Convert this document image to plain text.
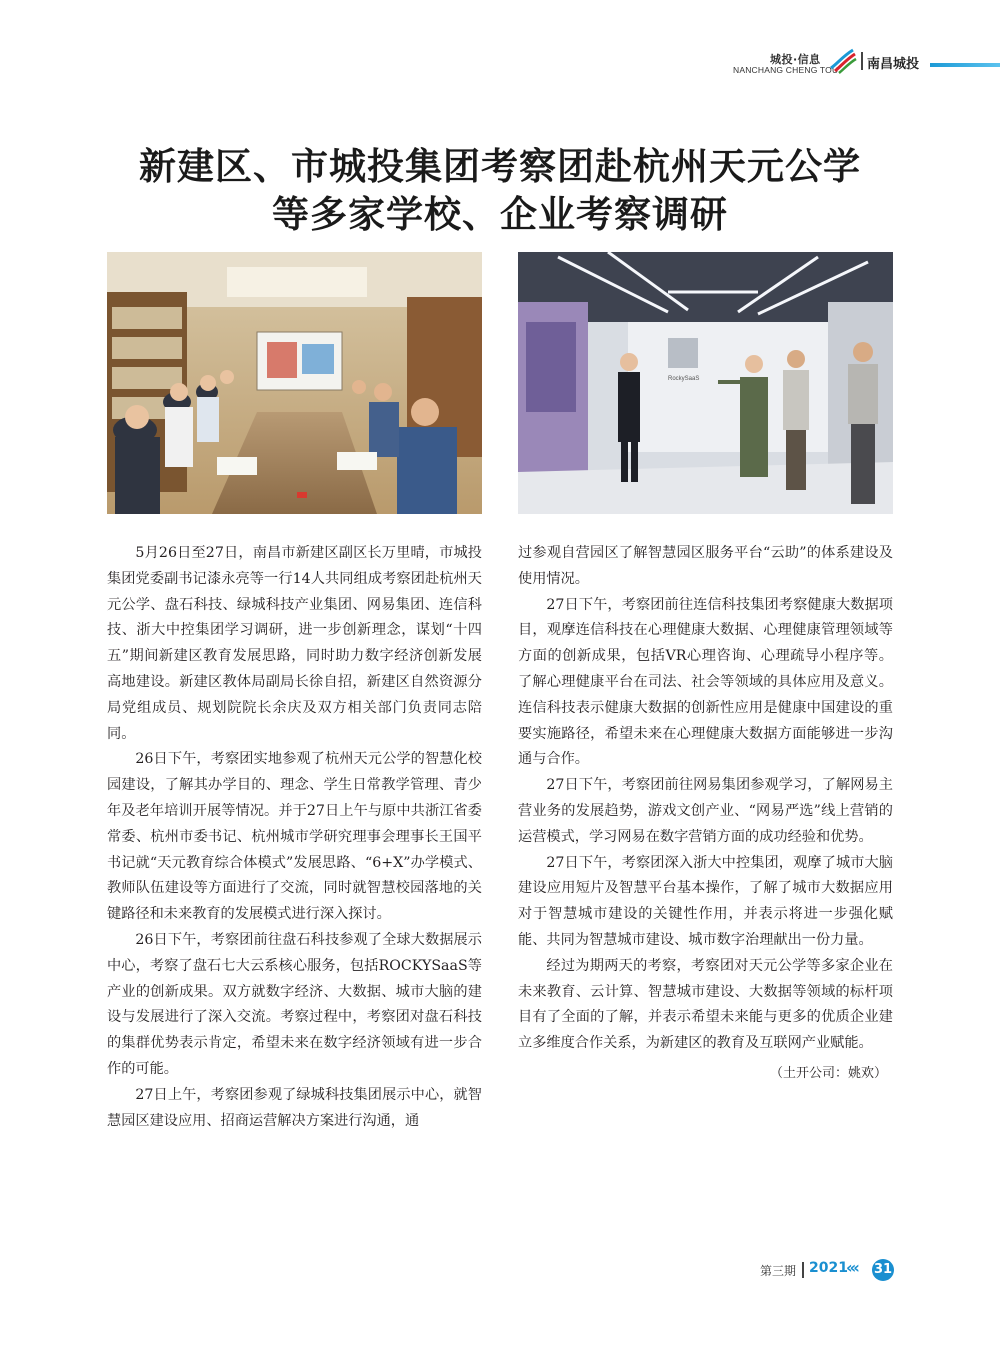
城投·信息
NANCHANG CHENG TOU 南昌城投
新建区、市城投集团考察团赴杭州天元公学
等多家学校、企业考察调研
RockySaaS

5月26日至27日，南昌市新建区副区长万里晴，市城投集团党委副书记漆永亮等一行14人共同组成考察团赴杭州天元公学、盘石科技、绿城科技产业集团、网易集团、连信科技、浙大中控集团学习调研，进一步创新理念，谋划“十四五”期间新建区教育发展思路，同时助力数字经济创新发展高地建设。新建区教体局副局长徐自招，新建区自然资源分局党组成员、规划院院长余庆及双方相关部门负责同志陪同。

26日下午，考察团实地参观了杭州天元公学的智慧化校园建设，了解其办学目的、理念、学生日常教学管理、青少年及老年培训开展等情况。并于27日上午与原中共浙江省委常委、杭州市委书记、杭州城市学研究理事会理事长王国平书记就“天元教育综合体模式”发展思路、“6+X”办学模式、教师队伍建设等方面进行了交流，同时就智慧校园落地的关键路径和未来教育的发展模式进行深入探讨。

26日下午，考察团前往盘石科技参观了全球大数据展示中心，考察了盘石七大云系核心服务，包括ROCKYSaaS等产业的创新成果。双方就数字经济、大数据、城市大脑的建设与发展进行了深入交流。考察过程中，考察团对盘石科技的集群优势表示肯定，希望未来在数字经济领域有进一步合作的可能。

27日上午，考察团参观了绿城科技集团展示中心，就智慧园区建设应用、招商运营解决方案进行沟通，通

过参观自营园区了解智慧园区服务平台“云助”的体系建设及使用情况。

27日下午，考察团前往连信科技集团考察健康大数据项目，观摩连信科技在心理健康大数据、心理健康管理领域等方面的创新成果，包括VR心理咨询、心理疏导小程序等。了解心理健康平台在司法、社会等领域的具体应用及意义。连信科技表示健康大数据的创新性应用是健康中国建设的重要实施路径，希望未来在心理健康大数据方面能够进一步沟通与合作。

27日下午，考察团前往网易集团参观学习，了解网易主营业务的发展趋势，游戏文创产业、“网易严选”线上营销的运营模式，学习网易在数字营销方面的成功经验和优势。

27日下午，考察团深入浙大中控集团，观摩了城市大脑建设应用短片及智慧平台基本操作，了解了城市大数据应用对于智慧城市建设的关键性作用，并表示将进一步强化赋能、共同为智慧城市建设、城市数字治理献出一份力量。

经过为期两天的考察，考察团对天元公学等多家企业在未来教育、云计算、智慧城市建设、大数据等领域的标杆项目有了全面的了解，并表示希望未来能与更多的优质企业建立多维度合作关系，为新建区的教育及互联网产业赋能。

（土开公司：姚欢）

第三期 2021
‹‹‹ 31
